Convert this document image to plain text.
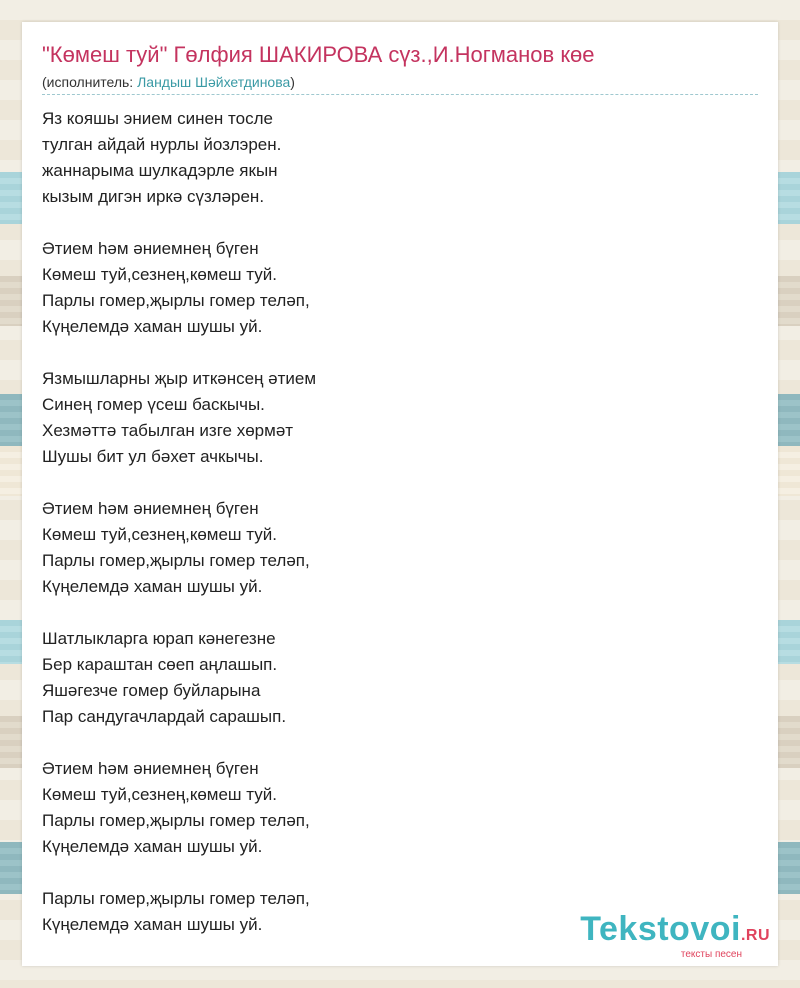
"Көмеш туй" Гөлфия ШАКИРОВА сүз.,И.Ногманов көе
(исполнитель: Ландыш Шәйхетдинова)
Яз кояшы энием синен тосле
тулган айдай нурлы йозлэрен.
жаннарыма шулкадэрле якын
кызым дигэн иркә сүзләрен.
Әтием һәм әниемнең бүген
Көмеш туй,сезнең,көмеш туй.
Парлы гомер,җырлы гомер теләп,
Күңелемдә хаман шушы уй.
Язмышларны җыр иткәнсең әтием
Синең гомер үсеш баскычы.
Хезмәттә табылган изге хөрмәт
Шушы бит ул бәхет ачкычы.
Әтием һәм әниемнең бүген
Көмеш туй,сезнең,көмеш туй.
Парлы гомер,җырлы гомер теләп,
Күңелемдә хаман шушы уй.
Шатлыкларга юрап кәнегезне
Бер караштан сөеп аңлашып.
Яшәгезче гомер буйларына
Пар сандугачлардай сарашып.
Әтием һәм әниемнең бүген
Көмеш туй,сезнең,көмеш туй.
Парлы гомер,җырлы гомер теләп,
Күңелемдә хаман шушы уй.
Парлы гомер,җырлы гомер теләп,
Күңелемдә хаман шушы уй.	Tekstovoi.RU
тексты песен
